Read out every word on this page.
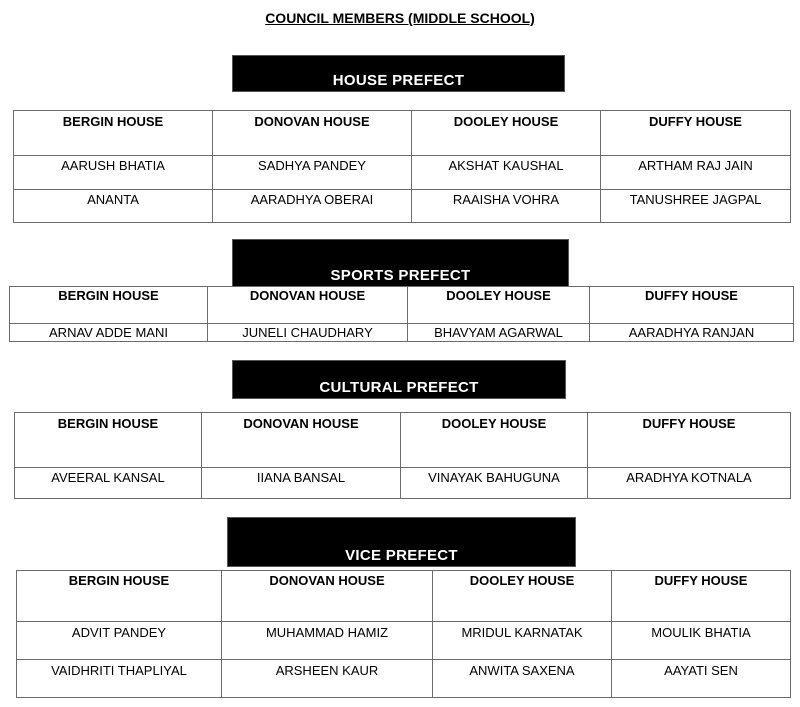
COUNCIL MEMBERS (MIDDLE SCHOOL)
HOUSE PREFECT
BERGIN HOUSE	DONOVAN HOUSE	DOOLEY HOUSE	DUFFY HOUSE
AARUSH BHATIA	SADHYA PANDEY	AKSHAT KAUSHAL	ARTHAM RAJ JAIN
ANANTA	AARADHYA OBERAI	RAAISHA VOHRA	TANUSHREE JAGPAL
SPORTS PREFECT
BERGIN HOUSE	DONOVAN HOUSE	DOOLEY HOUSE	DUFFY HOUSE
ARNAV ADDE MANI	JUNELI CHAUDHARY	BHAVYAM AGARWAL	AARADHYA RANJAN
CULTURAL PREFECT
BERGIN HOUSE	DONOVAN HOUSE	DOOLEY HOUSE	DUFFY HOUSE
AVEERAL KANSAL	IIANA BANSAL	VINAYAK BAHUGUNA	ARADHYA KOTNALA
VICE PREFECT
BERGIN HOUSE	DONOVAN HOUSE	DOOLEY HOUSE	DUFFY HOUSE
ADVIT PANDEY	MUHAMMAD HAMIZ	MRIDUL KARNATAK	MOULIK BHATIA
VAIDHRITI THAPLIYAL	ARSHEEN KAUR	ANWITA SAXENA	AAYATI SEN
